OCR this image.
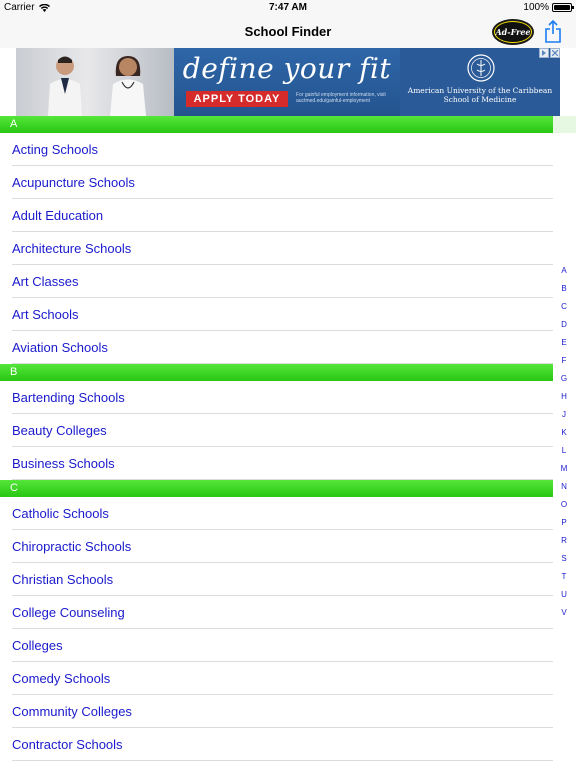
Carrier	7:47 AM	100%
School Finder	Ad-Free
define your fit
APPLY TODAY	For gainful employment information, visit auctmed.edu/gainful-employment
American University of the Caribbean School of Medicine
A
Acting Schools
Acupuncture Schools
Adult Education
Architecture Schools
Art Classes
Art Schools
Aviation Schools
B
Bartending Schools
Beauty Colleges
Business Schools
C
Catholic Schools
Chiropractic Schools
Christian Schools
College Counseling
Colleges
Comedy Schools
Community Colleges
Contractor Schools
A
B
C
D
E
F
G
H
J
K
L
M
N
O
P
R
S
T
U
V
